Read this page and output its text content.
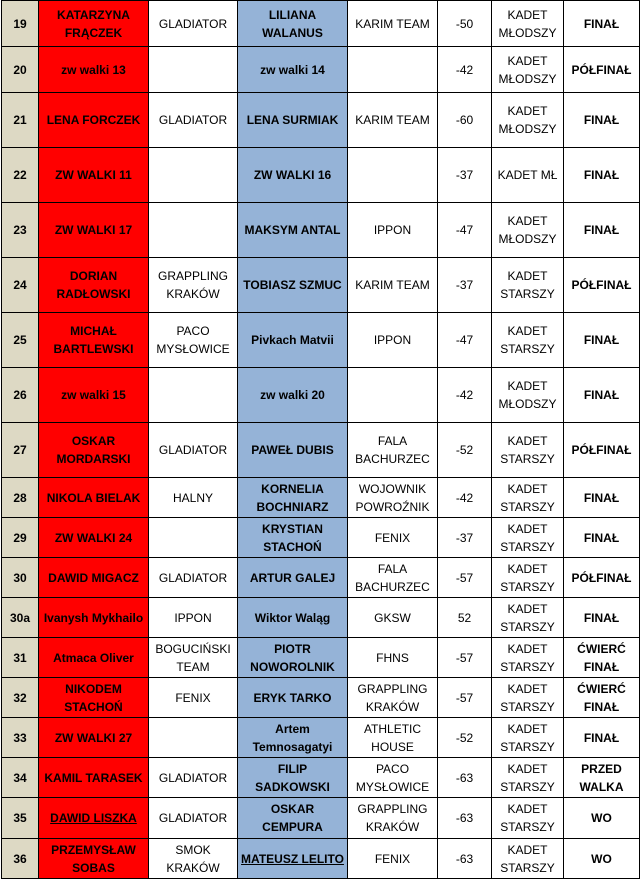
19	KATARZYNA FRĄCZEK	GLADIATOR	LILIANA WALANUS	KARIM TEAM	-50	KADET MŁODSZY	FINAŁ
20	zw walki 13		zw walki 14		-42	KADET MŁODSZY	PÓŁFINAŁ
21	LENA FORCZEK	GLADIATOR	LENA SURMIAK	KARIM TEAM	-60	KADET MŁODSZY	FINAŁ
22	ZW WALKI 11		ZW WALKI 16		-37	KADET MŁ	FINAŁ
23	ZW WALKI 17		MAKSYM ANTAL	IPPON	-47	KADET MŁODSZY	FINAŁ
24	DORIAN RADŁOWSKI	GRAPPLING KRAKÓW	TOBIASZ SZMUC	KARIM TEAM	-37	KADET STARSZY	PÓŁFINAŁ
25	MICHAŁ BARTLEWSKI	PACO MYSŁOWICE	Pivkach Matvii	IPPON	-47	KADET STARSZY	FINAŁ
26	zw walki 15		zw walki 20		-42	KADET MŁODSZY	FINAŁ
27	OSKAR MORDARSKI	GLADIATOR	PAWEŁ DUBIS	FALA BACHURZEC	-52	KADET STARSZY	PÓŁFINAŁ
28	NIKOLA BIELAK	HALNY	KORNELIA BOCHNIARZ	WOJOWNIK POWROŹNIK	-42	KADET STARSZY	FINAŁ
29	ZW WALKI 24		KRYSTIAN STACHOŃ	FENIX	-37	KADET STARSZY	FINAŁ
30	DAWID MIGACZ	GLADIATOR	ARTUR GALEJ	FALA BACHURZEC	-57	KADET STARSZY	PÓŁFINAŁ
30a	Ivanysh Mykhailo	IPPON	Wiktor Waląg	GKSW	52	KADET STARSZY	FINAŁ
31	Atmaca Oliver	BOGUCIŃSKI TEAM	PIOTR NOWOROLNIK	FHNS	-57	KADET STARSZY	ĆWIERĆ FINAŁ
32	NIKODEM STACHOŃ	FENIX	ERYK TARKO	GRAPPLING KRAKÓW	-57	KADET STARSZY	ĆWIERĆ FINAŁ
33	ZW WALKI 27		Artem Temnosagatyi	ATHLETIC HOUSE	-52	KADET STARSZY	FINAŁ
34	KAMIL TARASEK	GLADIATOR	FILIP SADKOWSKI	PACO MYSŁOWICE	-63	KADET STARSZY	PRZED WALKA
35	DAWID LISZKA	GLADIATOR	OSKAR CEMPURA	GRAPPLING KRAKÓW	-63	KADET STARSZY	WO
36	PRZEMYSŁAW SOBAS	SMOK KRAKÓW	MATEUSZ LELITO	FENIX	-63	KADET STARSZY	WO
